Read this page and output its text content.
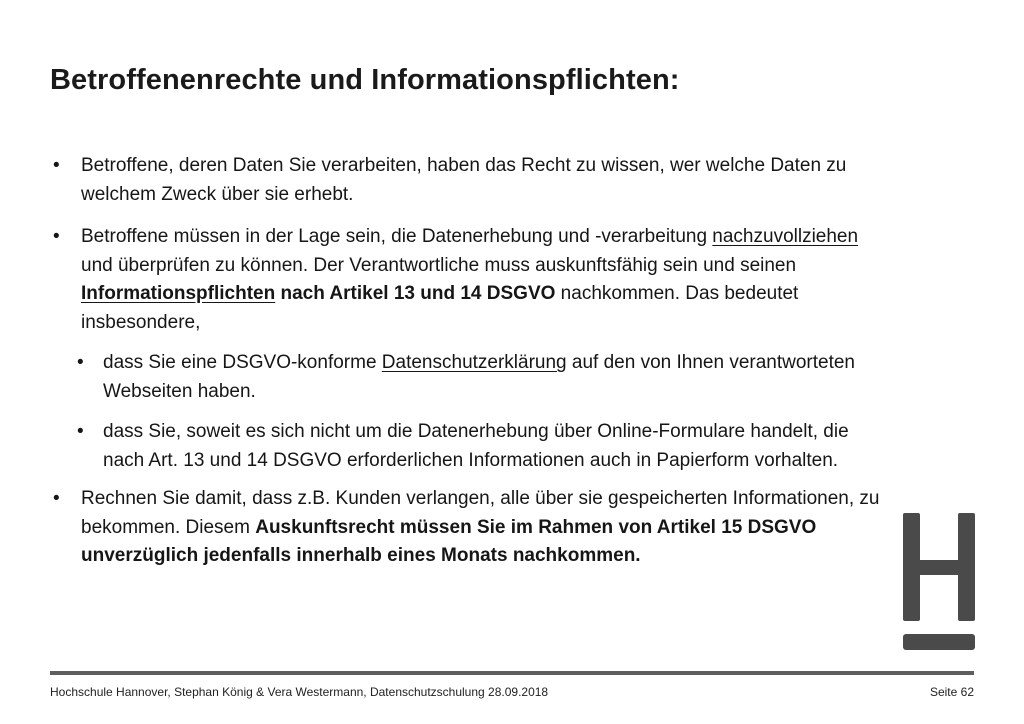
Betroffenenrechte und Informationspflichten:

• Betroffene, deren Daten Sie verarbeiten, haben das Recht zu wissen, wer welche Daten zu welchem Zweck über sie erhebt.

• Betroffene müssen in der Lage sein, die Datenerhebung und -verarbeitung nachzuvollziehen und überprüfen zu können. Der Verantwortliche muss auskunftsfähig sein und seinen Informationspflichten nach Artikel 13 und 14 DSGVO nachkommen. Das bedeutet insbesondere,

• dass Sie eine DSGVO-konforme Datenschutzerklärung auf den von Ihnen verantworteten Webseiten haben.

• dass Sie, soweit es sich nicht um die Datenerhebung über Online-Formulare handelt, die nach Art. 13 und 14 DSGVO erforderlichen Informationen auch in Papierform vorhalten.

• Rechnen Sie damit, dass z.B. Kunden verlangen, alle über sie gespeicherten Informationen, zu bekommen. Diesem Auskunftsrecht müssen Sie im Rahmen von Artikel 15 DSGVO unverzüglich jedenfalls innerhalb eines Monats nachkommen.

Hochschule Hannover, Stephan König & Vera Westermann, Datenschutzschulung 28.09.2018	Seite 62
